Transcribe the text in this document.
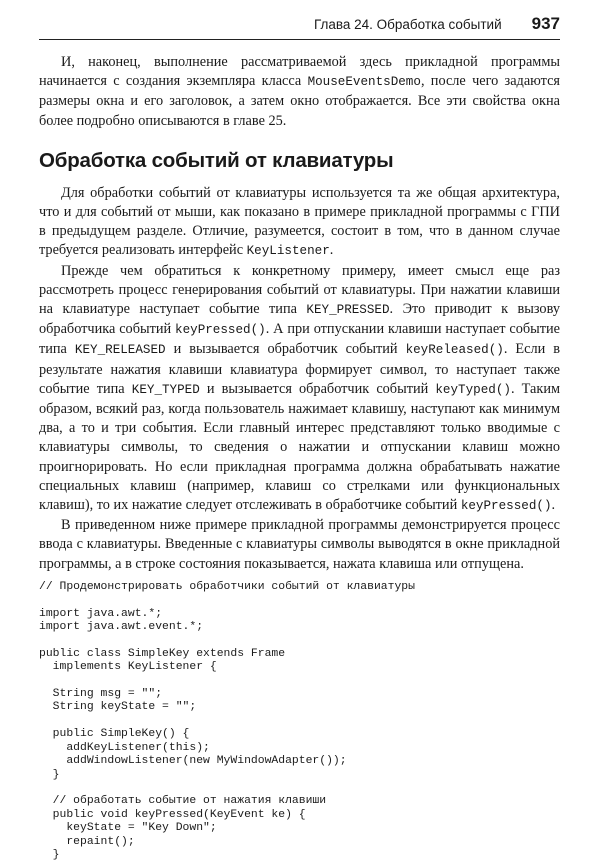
Глава 24. Обработка событий 937

И, наконец, выполнение рассматриваемой здесь прикладной программы начинается с создания экземпляра класса MouseEventsDemo, после чего задаются размеры окна и его заголовок, а затем окно отображается. Все эти свойства окна более подробно описываются в главе 25.

Обработка событий от клавиатуры

Для обработки событий от клавиатуры используется та же общая архитектура, что и для событий от мыши, как показано в примере прикладной программы с ГПИ в предыдущем разделе. Отличие, разумеется, состоит в том, что в данном случае требуется реализовать интерфейс KeyListener.

Прежде чем обратиться к конкретному примеру, имеет смысл еще раз рассмотреть процесс генерирования событий от клавиатуры. При нажатии клавиши на клавиатуре наступает событие типа KEY_PRESSED. Это приводит к вызову обработчика событий keyPressed(). А при отпускании клавиши наступает событие типа KEY_RELEASED и вызывается обработчик событий keyReleased(). Если в результате нажатия клавиши клавиатура формирует символ, то наступает также событие типа KEY_TYPED и вызывается обработчик событий keyTyped(). Таким образом, всякий раз, когда пользователь нажимает клавишу, наступают как минимум два, а то и три события. Если главный интерес представляют только вводимые с клавиатуры символы, то сведения о нажатии и отпускании клавиш можно проигнорировать. Но если прикладная программа должна обрабатывать нажатие специальных клавиш (например, клавиш со стрелками или функциональных клавиш), то их нажатие следует отслеживать в обработчике событий keyPressed().

В приведенном ниже примере прикладной программы демонстрируется процесс ввода с клавиатуры. Введенные с клавиатуры символы выводятся в окне прикладной программы, а в строке состояния показывается, нажата клавиша или отпущена.

// Продемонстрировать обработчики событий от клавиатуры
import java.awt.*;
import java.awt.event.*;
public class SimpleKey extends Frame
implements KeyListener {
String msg = "";
String keyState = "";
public SimpleKey() {
addKeyListener(this);
addWindowListener(new MyWindowAdapter());
}
// обработать событие от нажатия клавиши
public void keyPressed(KeyEvent ke) {
keyState = "Key Down";
repaint();
}
